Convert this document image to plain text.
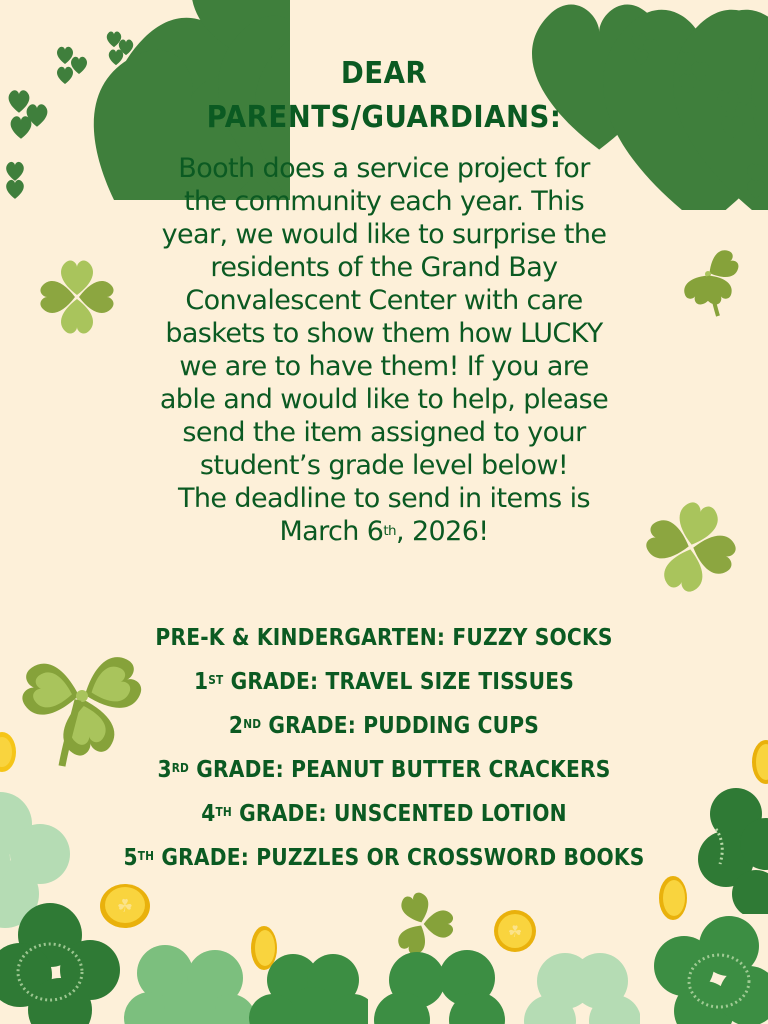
☘
☘
DEAR
PARENTS/GUARDIANS:
Booth does a service project for
the community each year. This
year, we would like to surprise the
residents of the Grand Bay
Convalescent Center with care
baskets to show them how LUCKY
we are to have them! If you are
able and would like to help, please
send the item assigned to your
student’s grade level below!
The deadline to send in items is
March 6th, 2026!
PRE-K & KINDERGARTEN: FUZZY SOCKS
1ST GRADE: TRAVEL SIZE TISSUES
2ND GRADE: PUDDING CUPS
3RD GRADE: PEANUT BUTTER CRACKERS
4TH GRADE: UNSCENTED LOTION
5TH GRADE: PUZZLES OR CROSSWORD BOOKS
